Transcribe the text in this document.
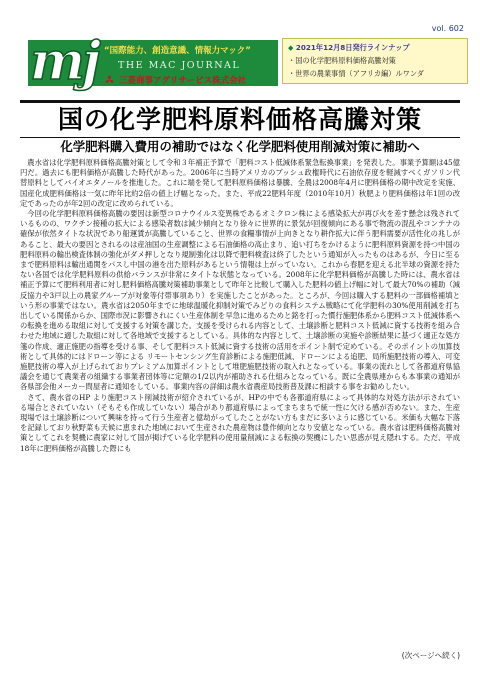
mj “国際能力、創造意識、情報力マック”
THE MAC JOURNAL
三菱商事アグリサービス株式会社
vol. 602
◆ 2021年12月8日発行ラインナップ
・国の化学肥料原料価格高騰対策
・世界の農業事情（アフリカ編）ルワンダ
国の化学肥料原料価格高騰対策
化学肥料購入費用の補助ではなく化学肥料使用削減対策に補助へ

農水省は化学肥料原料価格高騰対策として令和３年補正予算で「肥料コスト低減体系緊急転換事業」を発表した。事業予算額は45億円だ。過去にも肥料価格が高騰した時代があった。2006年に当時アメリカのブッシュ政権時代に石油依存度を軽減すべくガソリン代替原料としてバイオエタノールを推進した。これに端を発して肥料原料価格は暴騰、全農は2008年4月に肥料価格の期中改定を実施、国産化成肥料価格は一気に昨年比約2倍の値上げ幅となった。また、平成22肥料年度（2010年10月）秋肥より肥料価格は年1回の改定であったのが年2回の改定に改められている。

今回の化学肥料原料価格高騰の要因は新型コロナウイルス変異株であるオミクロン株による感染拡大が再び火を差す懸念は残されているものの、ワクチン接種の拡大による感染者数は減少傾向となり徐々に世界的に景気が回復傾向にある事で物流の混乱やコンテナの確保が依然タイトな状況であり船運賃が高騰していること、世界の食糧事情が上向きとなり耕作拡大に伴う肥料需要が活性化の兆しがあること、最大の要因とされるのは産油国の生産調整による石油価格の高止まり、追い打ちをかけるように肥料原料資源を持つ中国の肥料原料の輸出検査体制の強化がダメ押しとなり規制強化は以降で肥料検査は終了したという通知が入ったものはあるが、今日に至るまで肥料原料は輸出通関をパスし中国の港を出た原料があるという情報は上がっていない。これから春肥を迎える北半球の資源を持たない各国では化学肥料原料の供給バランスが非常にタイトな状態となっている。2008年に化学肥料価格が高騰した時には、農水省は補正予算にて肥料利用者に対し肥料価格高騰対策補助事業として昨年と比較して購入した肥料の値上げ幅に対して最大70%の補助（減反協力や3戸以上の農家グループが対象等付帯事項あり）を実施したことがあった。ところが、今回は購入する肥料の一部価格補填という形の事業ではない。農水省は2050年までに地球温暖化抑制対策でみどりの食料システム戦略にて化学肥料の30%使用削減を打ち出している関係からか、国際市況に影響されにくい生産体制を早急に進めるためと銘を打った慣行施肥体系から肥料コスト低減体系への転換を進める取組に対して支援する対策を講じた。支援を受けられる内容として、土壌診断と肥料コスト低減に資する技術を組み合わせた地域に適した取組に対して各地域で支援するとしている。具体的な内容として、土壌診断の実施や診断結果に基づく適正な処方箋の作成、適正施肥の指導を受ける事、そして肥料コスト低減に資する技術の活用をポイント制で定めている。そのポイントの加算技術として具体的にはドローン等による リモートセンシング生育診断による施肥低減、ドローンによる追肥、局所施肥技術の導入、可変施肥技術の導入が上げられておりプレミアム加算ポイントとして堆肥施肥技術の取入れとなっている。事業の流れとして各都道府県協議会を通じて農業者の組織する事業者団体等に定額の1/2以内が補助される仕組みとなっている。既に全農県連からも本事業の通知が各県部会他メーカー問屋者に通知をしている。事業内容の詳細は農水省農産局技術普及課に相談する事をお勧めしたい。

さて、農水省のHP より施肥コスト削減技術が紹介されているが、HPの中でも各都道府県によって具体的な対処方法が示されている場合とされていない（そもそも作成していない）場合があり都道府県によってまちまちで統一性に欠ける感が否めない。また、生産現場では土壌診断について興味を持って行う生産者と億劫がってしたことがない方もまだに多いように感じている。米価も大幅な下落を記録しており秋野菜も天候に恵まれた地域において生産された農産物は豊作傾向となり安値となっている。農水省は肥料価格高騰対策としてこれを契機に農家に対して国が掲げている化学肥料の使用量削減による転換の契機にしたい思惑が見え隠れする。ただ、平成18年に肥料価格が高騰した際にも

(次ページへ続く)
